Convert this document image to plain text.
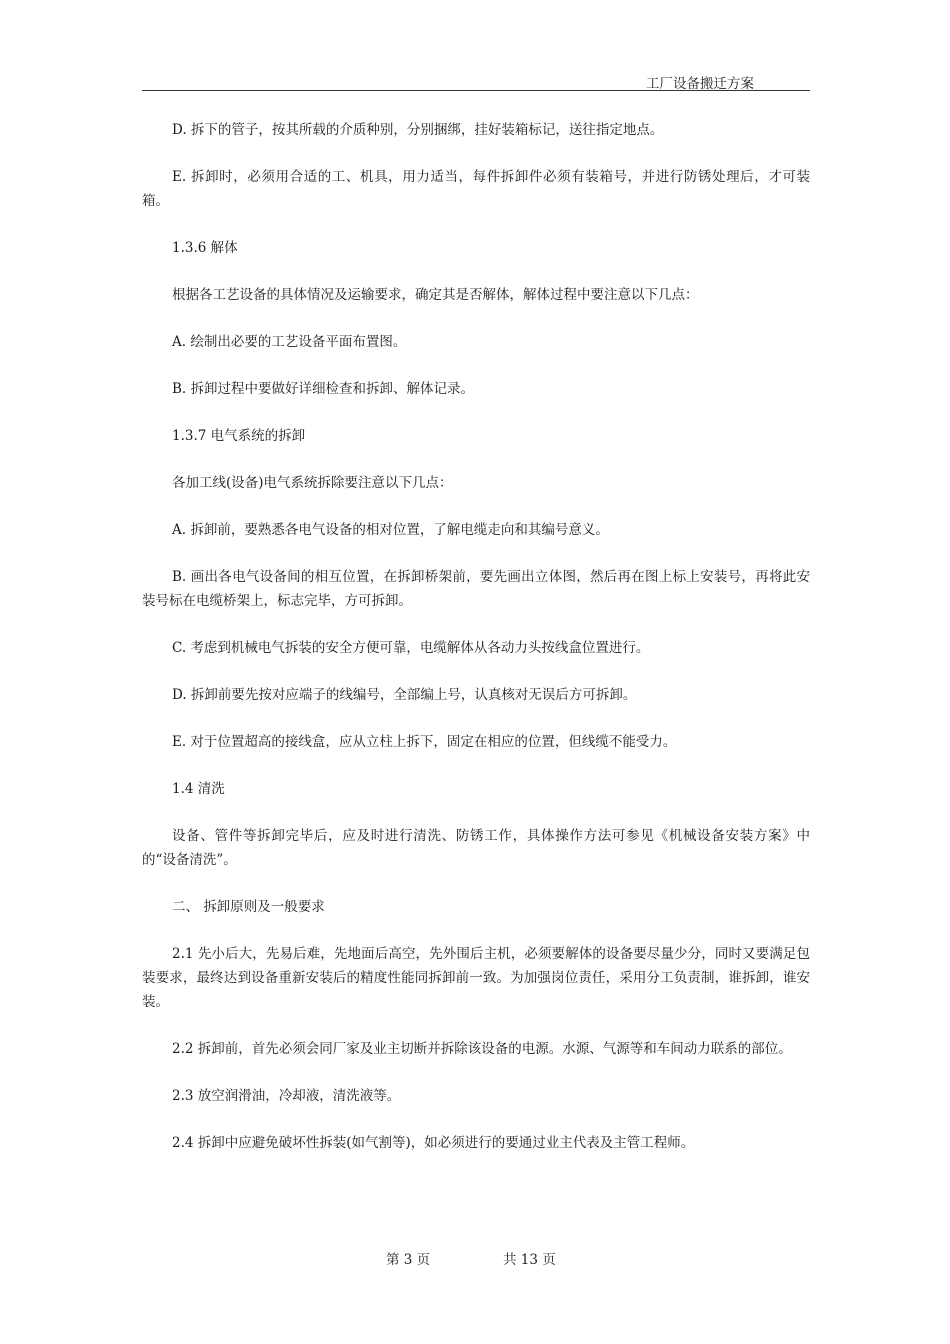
工厂设备搬迁方案

D. 拆下的管子，按其所载的介质种别，分别捆绑，挂好装箱标记，送往指定地点。

E. 拆卸时，必须用合适的工、机具，用力适当，每件拆卸件必须有装箱号，并进行防锈处理后，才可装箱。

1.3.6 解体

根据各工艺设备的具体情况及运输要求，确定其是否解体，解体过程中要注意以下几点：

A. 绘制出必要的工艺设备平面布置图。

B. 拆卸过程中要做好详细检查和拆卸、解体记录。

1.3.7 电气系统的拆卸

各加工线(设备)电气系统拆除要注意以下几点：

A. 拆卸前，要熟悉各电气设备的相对位置，了解电缆走向和其编号意义。

B. 画出各电气设备间的相互位置，在拆卸桥架前，要先画出立体图，然后再在图上标上安装号，再将此安装号标在电缆桥架上，标志完毕，方可拆卸。

C. 考虑到机械电气拆装的安全方便可靠，电缆解体从各动力头按线盒位置进行。

D. 拆卸前要先按对应端子的线编号，全部编上号，认真核对无误后方可拆卸。

E. 对于位置超高的接线盒，应从立柱上拆下，固定在相应的位置，但线缆不能受力。

1.4 清洗

设备、管件等拆卸完毕后，应及时进行清洗、防锈工作，具体操作方法可参见《机械设备安装方案》中的“设备清洗”。

二、 拆卸原则及一般要求

2.1 先小后大，先易后难，先地面后高空，先外围后主机，必须要解体的设备要尽量少分，同时又要满足包装要求，最终达到设备重新安装后的精度性能同拆卸前一致。为加强岗位责任，采用分工负责制，谁拆卸，谁安装。

2.2 拆卸前，首先必须会同厂家及业主切断并拆除该设备的电源。水源、气源等和车间动力联系的部位。

2.3 放空润滑油，冷却液，清洗液等。

2.4 拆卸中应避免破坏性拆装(如气割等)，如必须进行的要通过业主代表及主管工程师。

第 3 页	共 13 页
